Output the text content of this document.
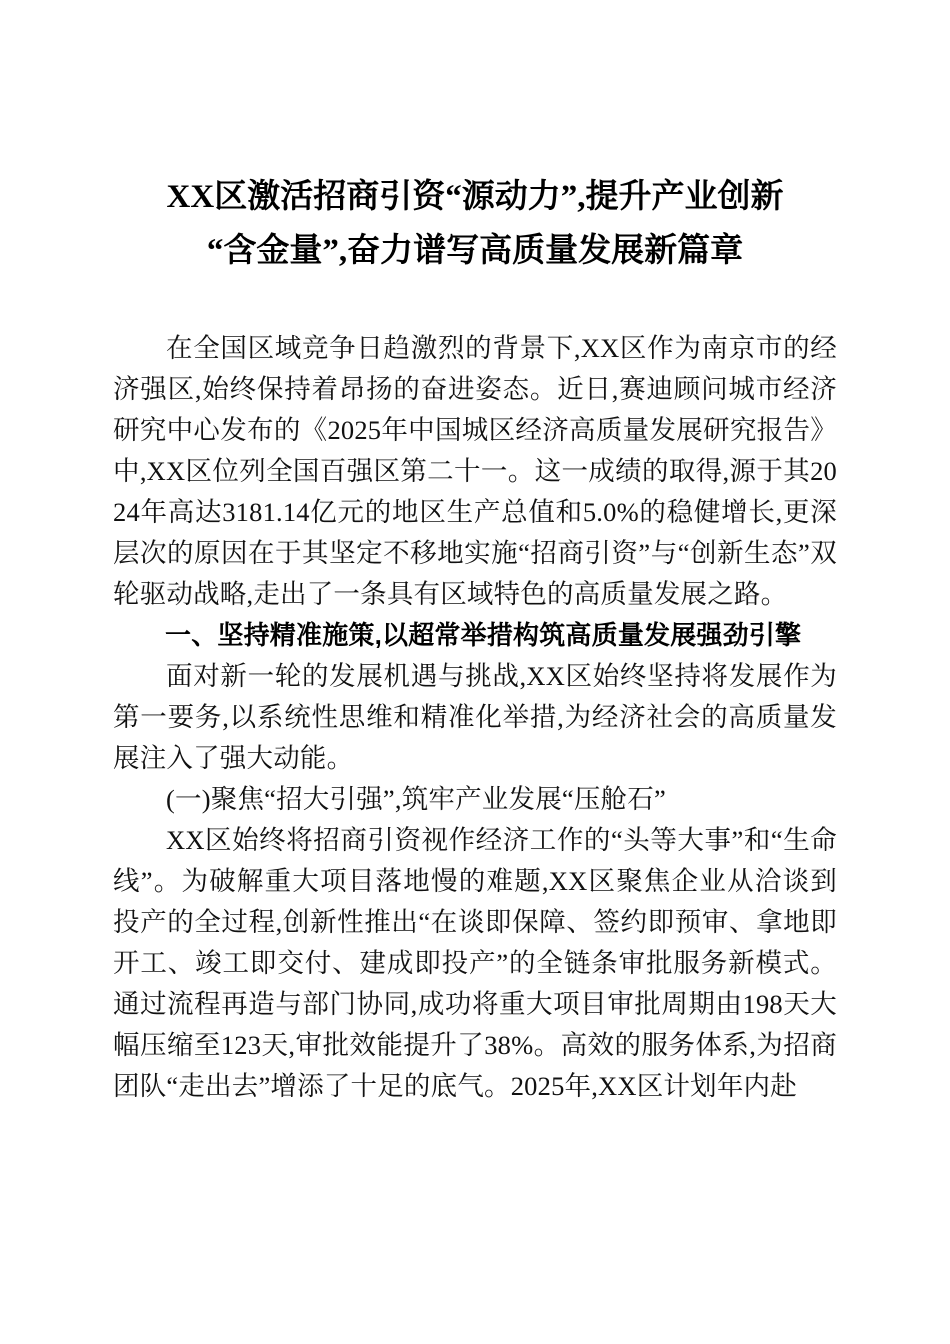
XX区激活招商引资“源动力”,提升产业创新
“含金量”,奋力谱写高质量发展新篇章

在全国区域竞争日趋激烈的背景下,XX区作为南京市的经济强区,始终保持着昂扬的奋进姿态。近日,赛迪顾问城市经济研究中心发布的《2025年中国城区经济高质量发展研究报告》中,XX区位列全国百强区第二十一。这一成绩的取得,源于其2024年高达3181.14亿元的地区生产总值和5.0%的稳健增长,更深层次的原因在于其坚定不移地实施“招商引资”与“创新生态”双轮驱动战略,走出了一条具有区域特色的高质量发展之路。

一、坚持精准施策,以超常举措构筑高质量发展强劲引擎

面对新一轮的发展机遇与挑战,XX区始终坚持将发展作为第一要务,以系统性思维和精准化举措,为经济社会的高质量发展注入了强大动能。

(一)聚焦“招大引强”,筑牢产业发展“压舱石”

XX区始终将招商引资视作经济工作的“头等大事”和“生命线”。为破解重大项目落地慢的难题,XX区聚焦企业从洽谈到投产的全过程,创新性推出“在谈即保障、签约即预审、拿地即开工、竣工即交付、建成即投产”的全链条审批服务新模式。通过流程再造与部门协同,成功将重大项目审批周期由198天大幅压缩至123天,审批效能提升了38%。高效的服务体系,为招商团队“走出去”增添了十足的底气。2025年,XX区计划年内赴
